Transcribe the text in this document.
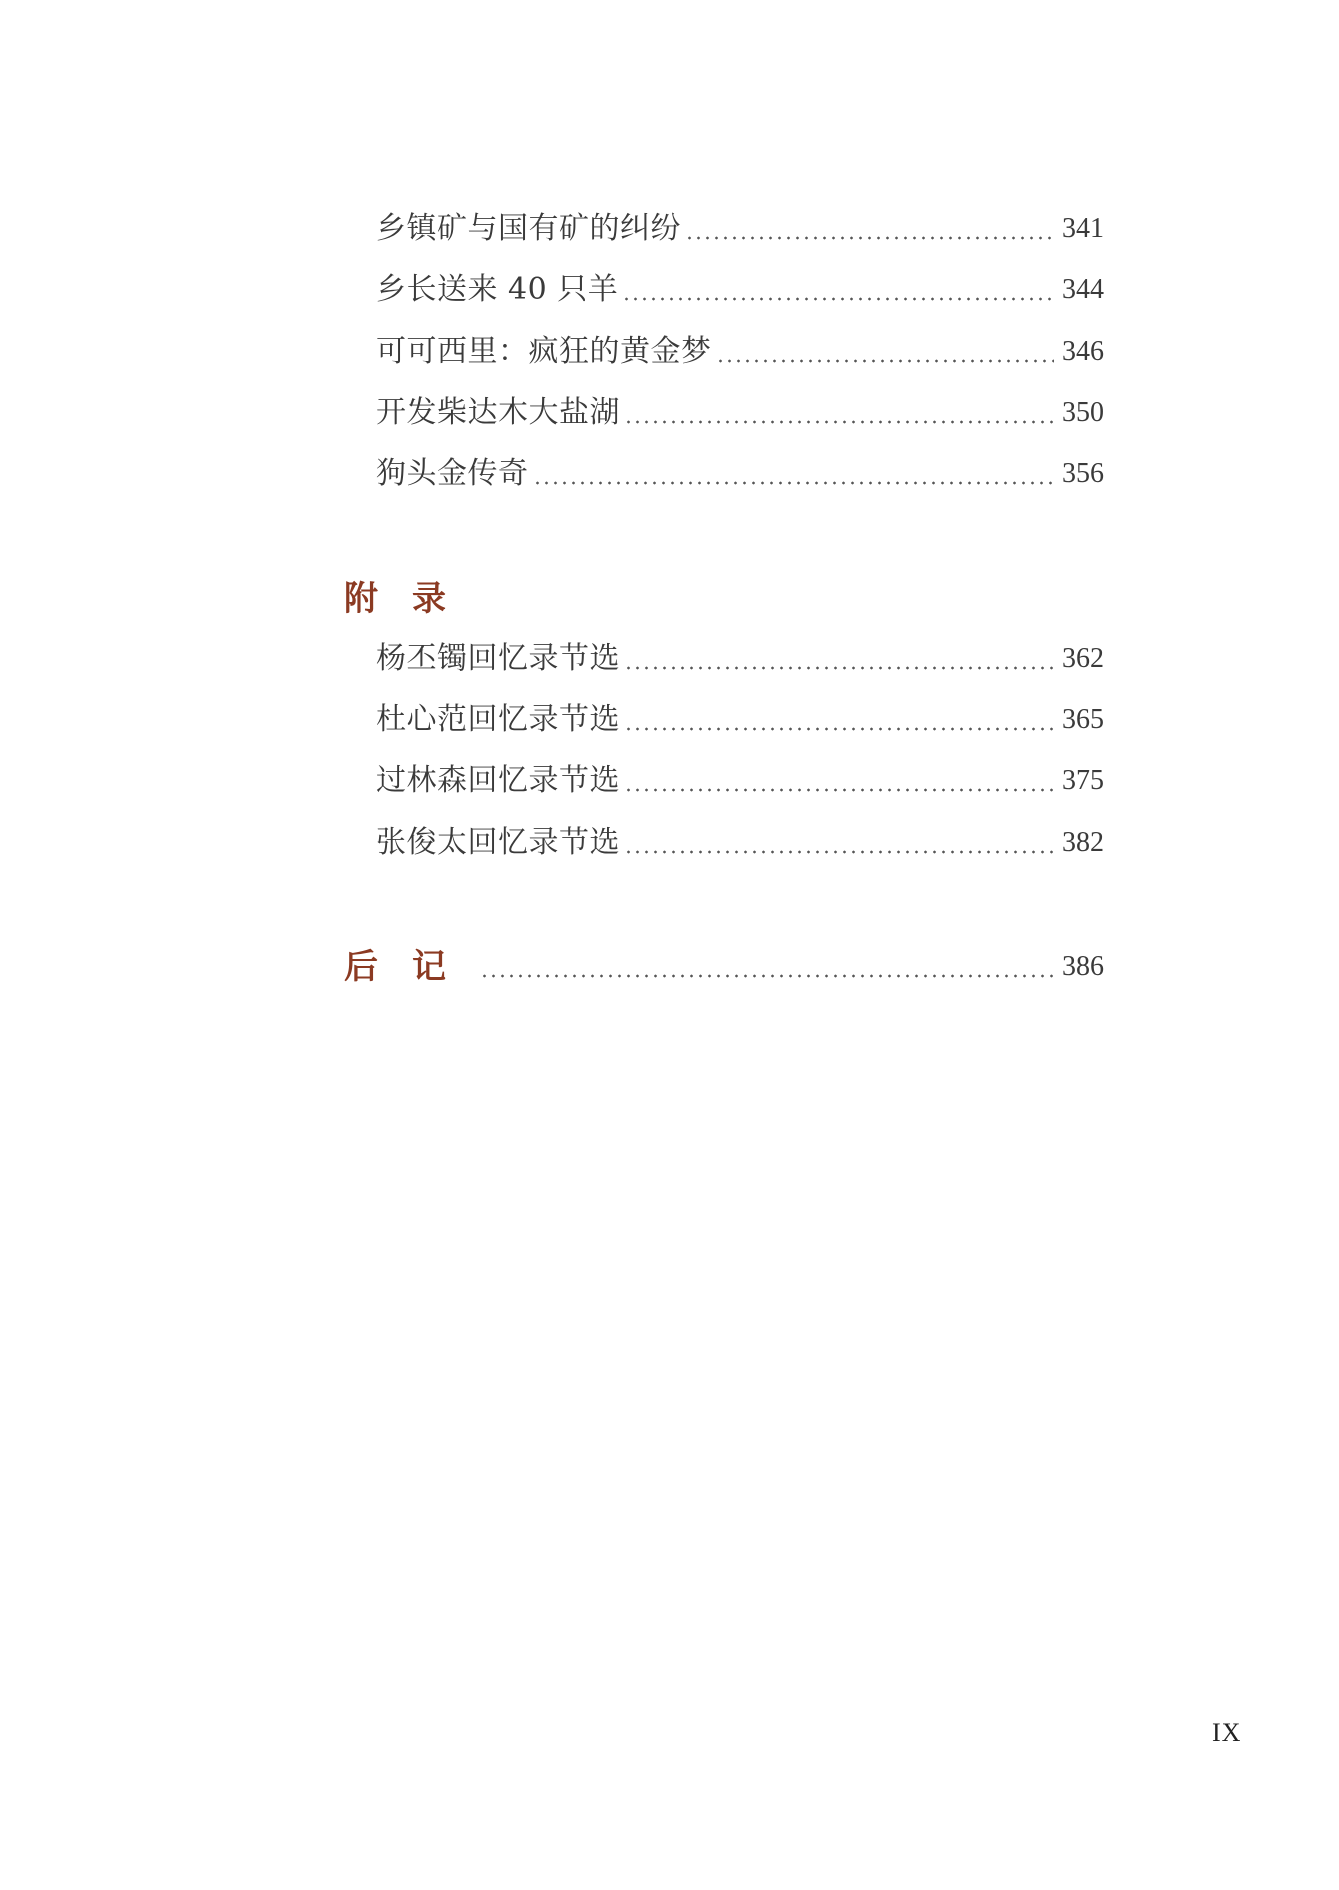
乡镇矿与国有矿的纠纷	341
乡长送来 40 只羊	344
可可西里：疯狂的黄金梦	346
开发柴达木大盐湖	350
狗头金传奇	356
附录
杨丕镯回忆录节选	362
杜心范回忆录节选	365
过林森回忆录节选	375
张俊太回忆录节选	382
后记	386
IX
